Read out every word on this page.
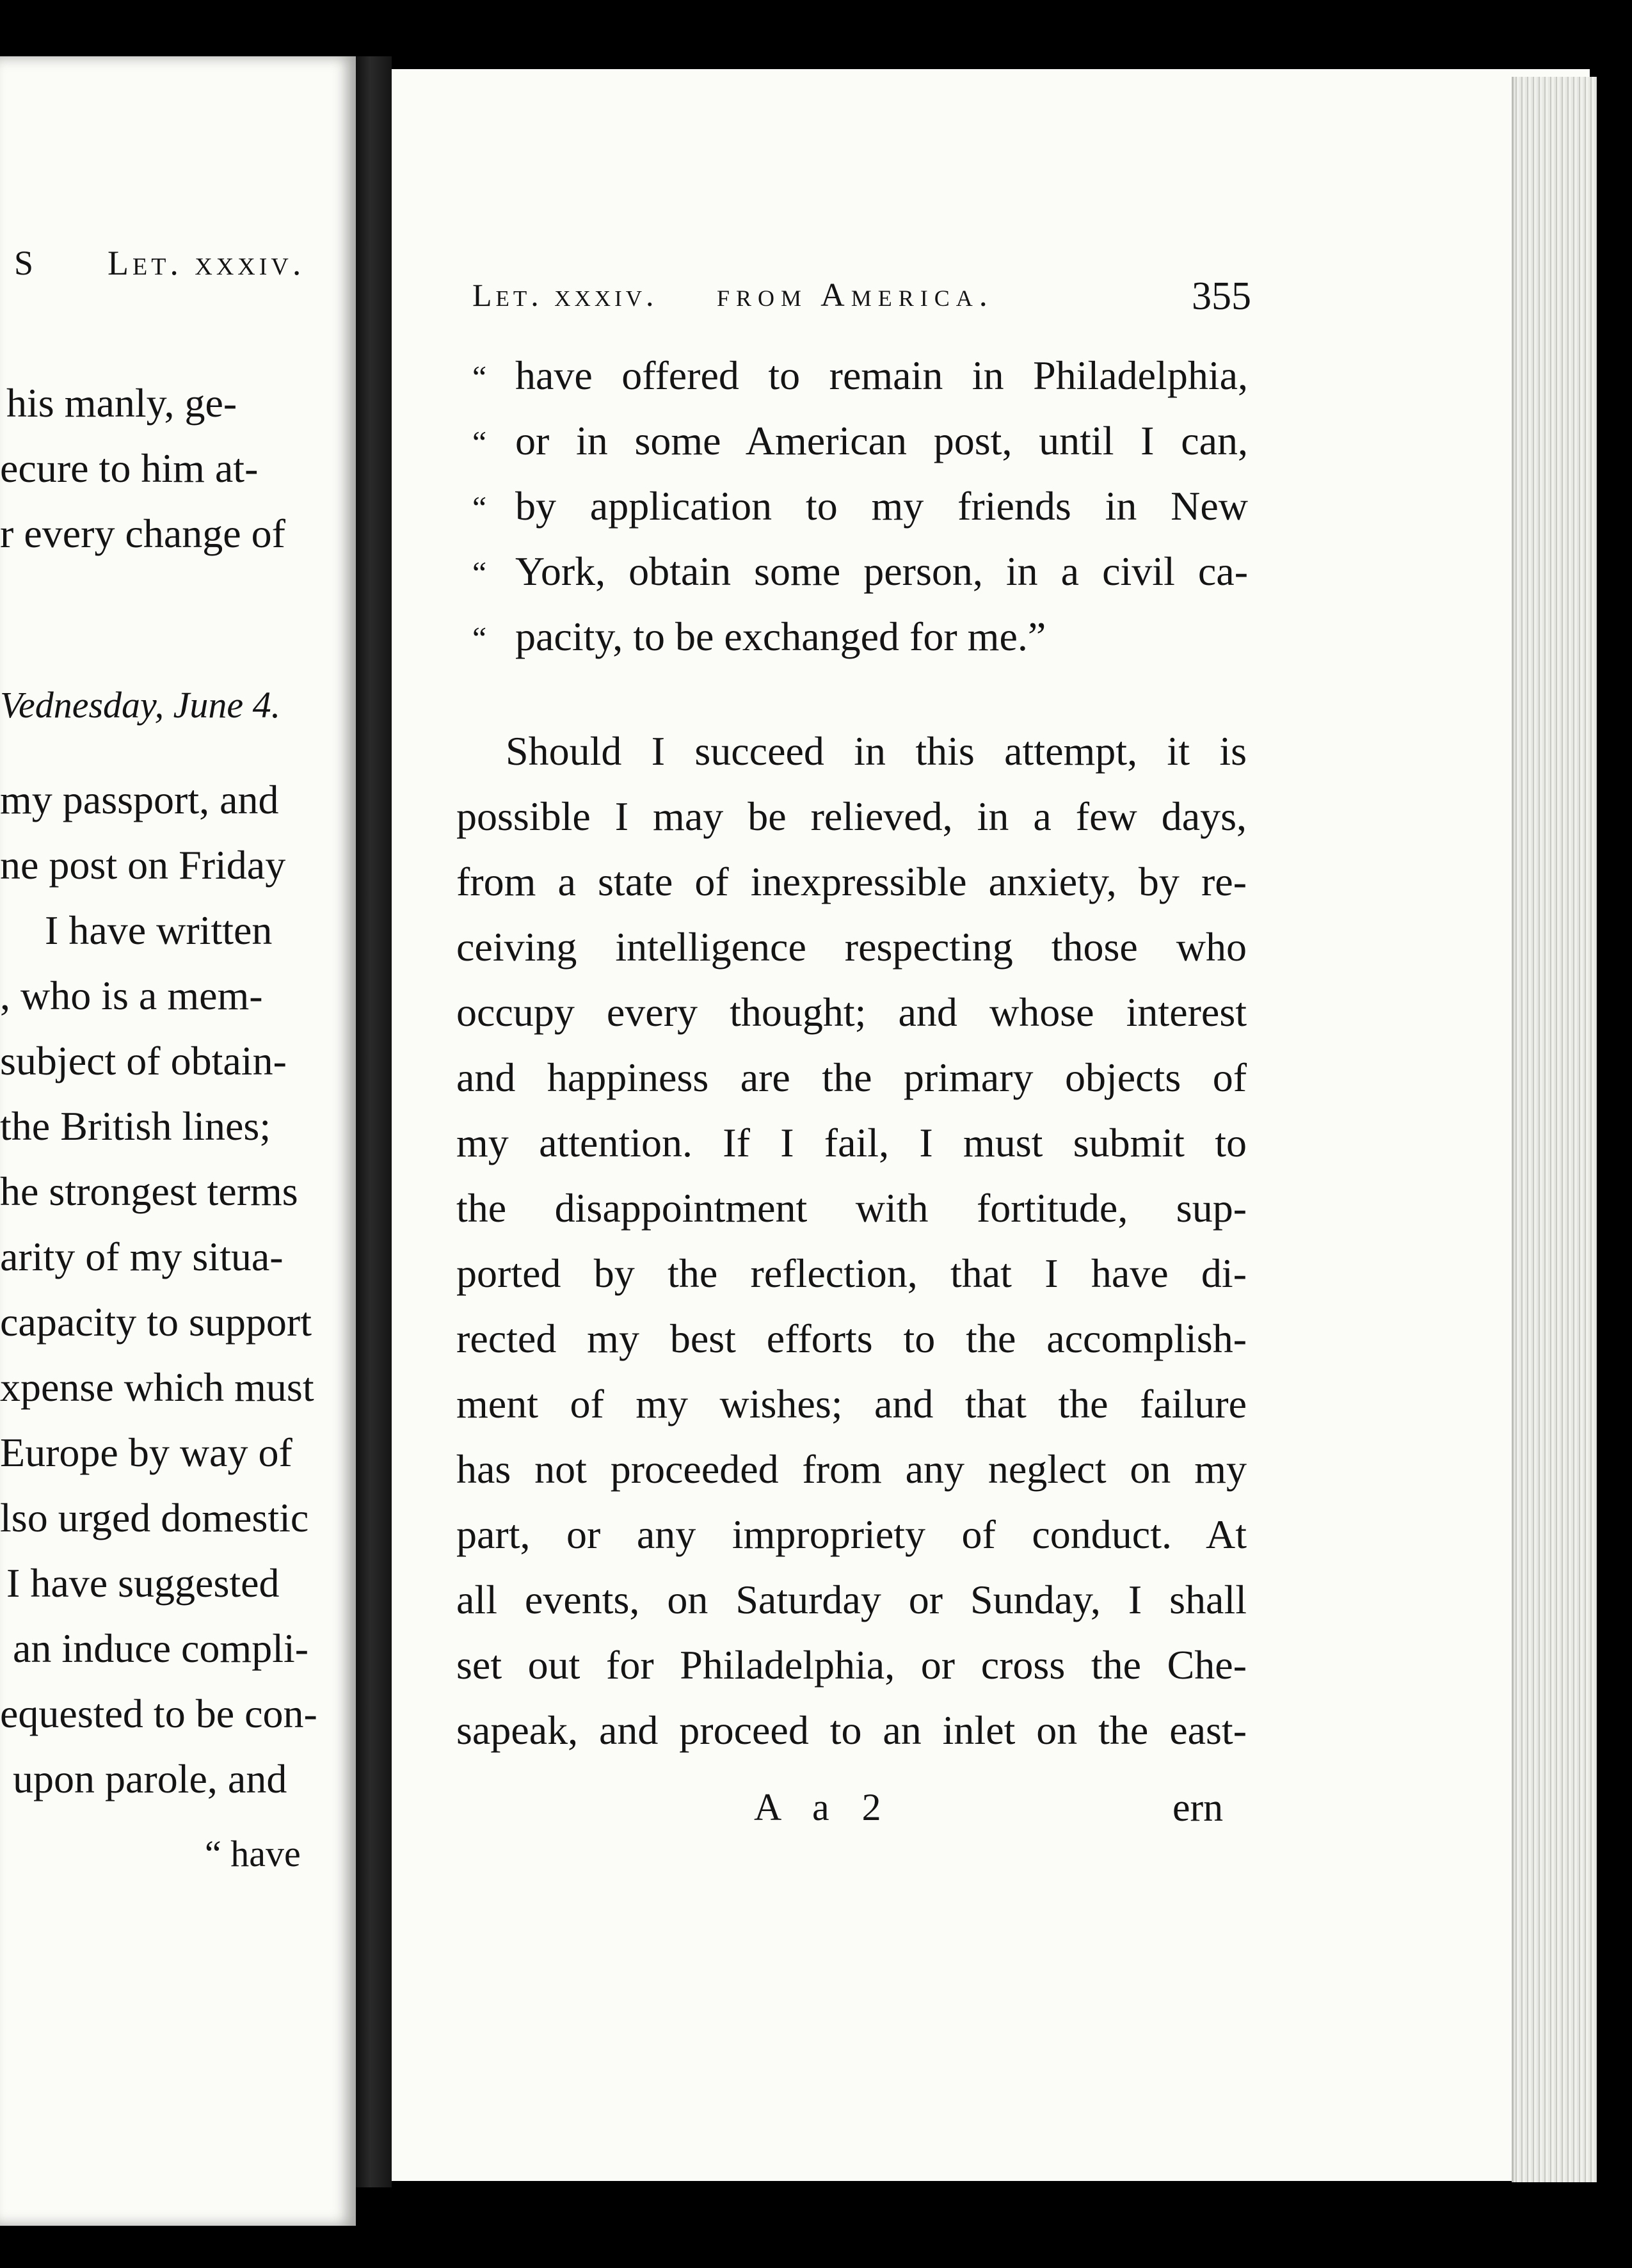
S Let. xxxiv.
his manly, ge-
ecure to him at-
r every change of
Vednesday, June 4.
my passport, and
ne post on Friday
I have written
, who is a mem-
subject of obtain-
the British lines;
he strongest terms
arity of my situa-
capacity to support
xpense which must
Europe by way of
lso urged domestic
I have suggested
an induce compli-
equested to be con-
upon parole, and
“ have
Let. xxxiv. from America.	355
“
“
“
“
“
have offered to remain in Philadelphia,
or in some American post, until I can,
by application to my friends in New
York, obtain some person, in a civil ca-
pacity, to be exchanged for me.”
Should I succeed in this attempt, it is
possible I may be relieved, in a few days,
from a state of inexpressible anxiety, by re-
ceiving intelligence respecting those who
occupy every thought; and whose interest
and happiness are the primary objects of
my attention. If I fail, I must submit to
the disappointment with fortitude, sup-
ported by the reflection, that I have di-
rected my best efforts to the accomplish-
ment of my wishes; and that the failure
has not proceeded from any neglect on my
part, or any impropriety of conduct. At
all events, on Saturday or Sunday, I shall
set out for Philadelphia, or cross the Che-
sapeak, and proceed to an inlet on the east-
A a 2	ern
